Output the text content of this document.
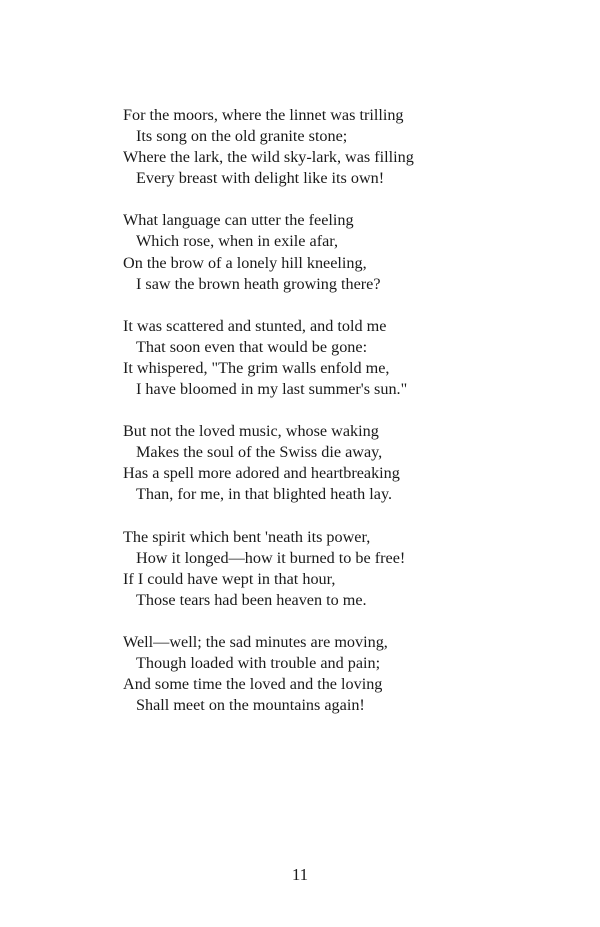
For the moors, where the linnet was trilling
Its song on the old granite stone;
Where the lark, the wild sky-lark, was filling
Every breast with delight like its own!
What language can utter the feeling
Which rose, when in exile afar,
On the brow of a lonely hill kneeling,
I saw the brown heath growing there?
It was scattered and stunted, and told me
That soon even that would be gone:
It whispered, "The grim walls enfold me,
I have bloomed in my last summer's sun."
But not the loved music, whose waking
Makes the soul of the Swiss die away,
Has a spell more adored and heartbreaking
Than, for me, in that blighted heath lay.
The spirit which bent 'neath its power,
How it longed—how it burned to be free!
If I could have wept in that hour,
Those tears had been heaven to me.
Well—well; the sad minutes are moving,
Though loaded with trouble and pain;
And some time the loved and the loving
Shall meet on the mountains again!
11
